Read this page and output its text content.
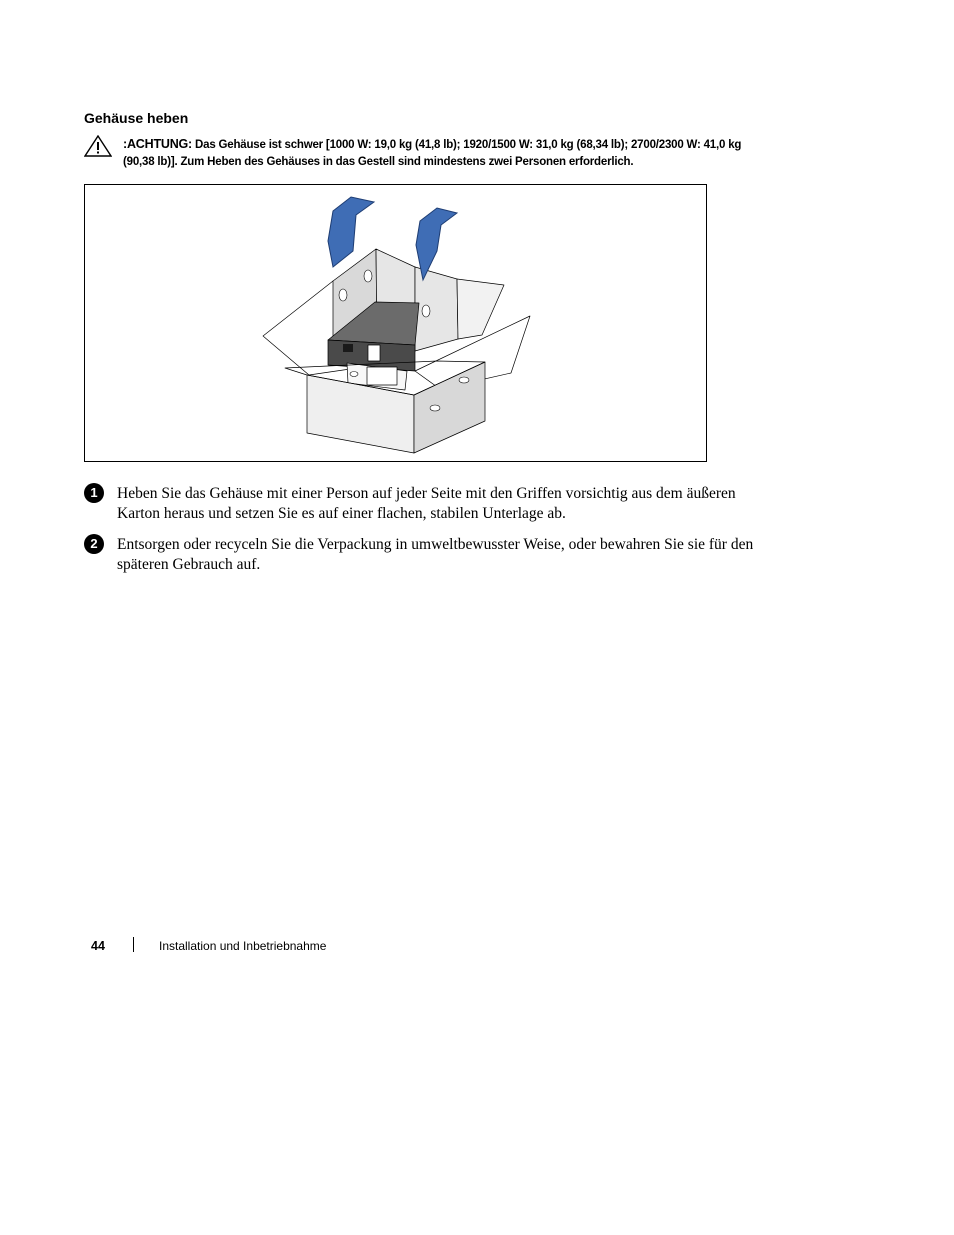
Gehäuse heben
:ACHTUNG: Das Gehäuse ist schwer [1000 W: 19,0 kg (41,8 lb); 1920/1500 W: 31,0 kg (68,34 lb); 2700/2300 W: 41,0 kg (90,38 lb)]. Zum Heben des Gehäuses in das Gestell sind mindestens zwei Personen erforderlich.
1	Heben Sie das Gehäuse mit einer Person auf jeder Seite mit den Griffen vorsichtig aus dem äußeren Karton heraus und setzen Sie es auf einer flachen, stabilen Unterlage ab.
2	Entsorgen oder recyceln Sie die Verpackung in umweltbewusster Weise, oder bewahren Sie sie für den späteren Gebrauch auf.
44	Installation und Inbetriebnahme
